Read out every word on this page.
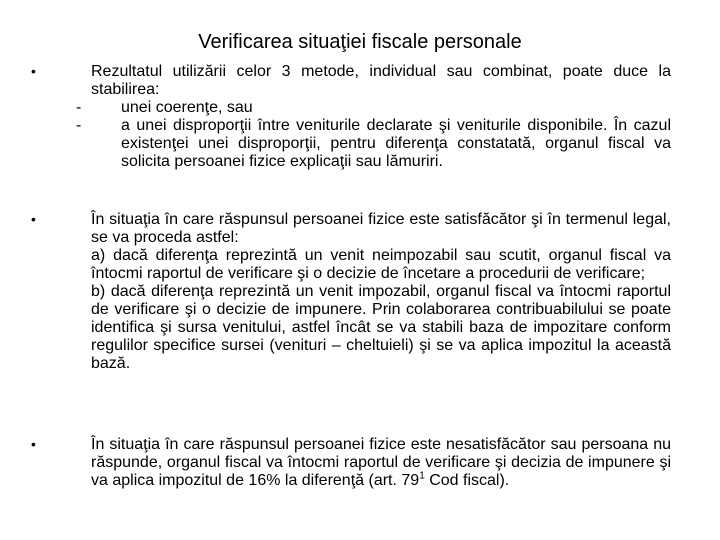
Verificarea situaţiei fiscale personale
•	Rezultatul utilizării celor 3 metode, individual sau combinat, poate duce la stabilirea:
- unei coerenţe, sau
- a unei disproporţii între veniturile declarate şi veniturile disponibile. În cazul existenţei unei disproporţii, pentru diferenţa constatată, organul fiscal va solicita persoanei fizice explicaţii sau lămuriri.
•	În situaţia în care răspunsul persoanei fizice este satisfăcător şi în termenul legal, se va proceda astfel:
a) dacă diferenţa reprezintă un venit neimpozabil sau scutit, organul fiscal va întocmi raportul de verificare şi o decizie de încetare a procedurii de verificare;
b) dacă diferenţa reprezintă un venit impozabil, organul fiscal va întocmi raportul de verificare şi o decizie de impunere. Prin colaborarea contribuabilului se poate identifica şi sursa venitului, astfel încât se va stabili baza de impozitare conform regulilor specifice sursei (venituri – cheltuieli) şi se va aplica impozitul la această bază.
•	În situaţia în care răspunsul persoanei fizice este nesatisfăcător sau persoana nu răspunde, organul fiscal va întocmi raportul de verificare şi decizia de impunere şi va aplica impozitul de 16% la diferenţă (art. $79^1$ Cod fiscal).
